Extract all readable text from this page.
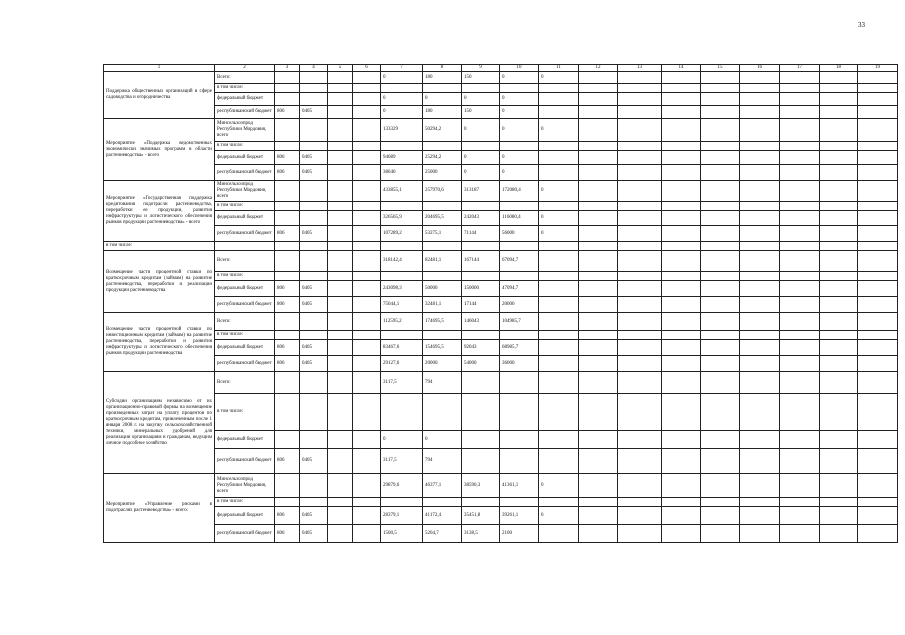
33
1	2	3	4	5	6	7	8	9	10	11	12	13	14	15	16	17	18	19
Поддержка общественных организаций в сфере садоводства и огородничества	Всего:					0	180	150	0	0								
	в том числе:																	
	федеральный бюджет					0	0	0	0									
	республиканский бюджет	806	0405			0	180	150	0									
Мероприятие «Поддержка ведомственных экономически значимых программ в области растениеводства» - всего	Минсельхозпрод Республики Мордовия, всего					133329	50294,2	0	0	0								
	в том числе:																	
	федеральный бюджет	806	0405			94689	25294,2	0	0									
	республиканский бюджет	806	0405			38640	25000	0	0									
Мероприятие «Государственная поддержка кредитования подотрасли растениеводства, переработки ее продукции, развития инфраструктуры и логистического обеспечения рынков продукции растениеводства» - всего	Минсельхозпрод Республики Мордовия, всего					433855,1	257970,6	313187	172080,4	0								
	в том числе:																	
	федеральный бюджет					326565,9	204695,5	242043	116080,4	0								
	республиканский бюджет	806	0405			107289,2	53275,1	71144	56000	0								
в том числе:																		
Возмещение части процентной ставки по краткосрочным кредитам (займам) на развитие растениеводства, переработки и реализации продукции растениеводства	Всего:					318142,4	82481,1	167144	67094,7									
	в том числе:																	
	федеральный бюджет	806	0405			243098,3	50000	150000	47094,7									
	республиканский бюджет	806	0405			75044,1	32481,1	17144	20000									
Возмещение части процентной ставки по инвестиционным кредитам (займам) на развитие растениеводства, переработки и развития инфраструктуры и логистического обеспечения рынков продукции растениеводства	Всего:					112595,2	174695,5	146043	104985,7									
	в том числе:																	
	федеральный бюджет	806	0405			83467,6	154695,5	92043	68985,7									
	республиканский бюджет	806	0405			29127,6	20000	54000	36000									
Субсидии организациям независимо от их организационно-правовой формы на возмещение произведенных затрат на уплату процентов по краткосрочным кредитам, привлеченным после 1 января 2008 г. на закупку сельскохозяйственной техники, минеральных удобрений для реализации организациям и гражданам, ведущим личное подсобное хозяйство	Всего:					3117,5	794											
	в том числе:																	
	федеральный бюджет					0	0											
	республиканский бюджет	806	0405			3117,5	794											
Мероприятие «Управление рисками в подотраслях растениеводства» - всего:	Минсельхозпрод Республики Мордовия, всего					29879,6	46377,1	38590,3	41361,1	0								
	в том числе:																	
	федеральный бюджет	806	0405			28379,1	41172,4	35451,8	39261,1	0								
	республиканский бюджет	806	0405			1500,5	5204,7	3138,5	2100									
